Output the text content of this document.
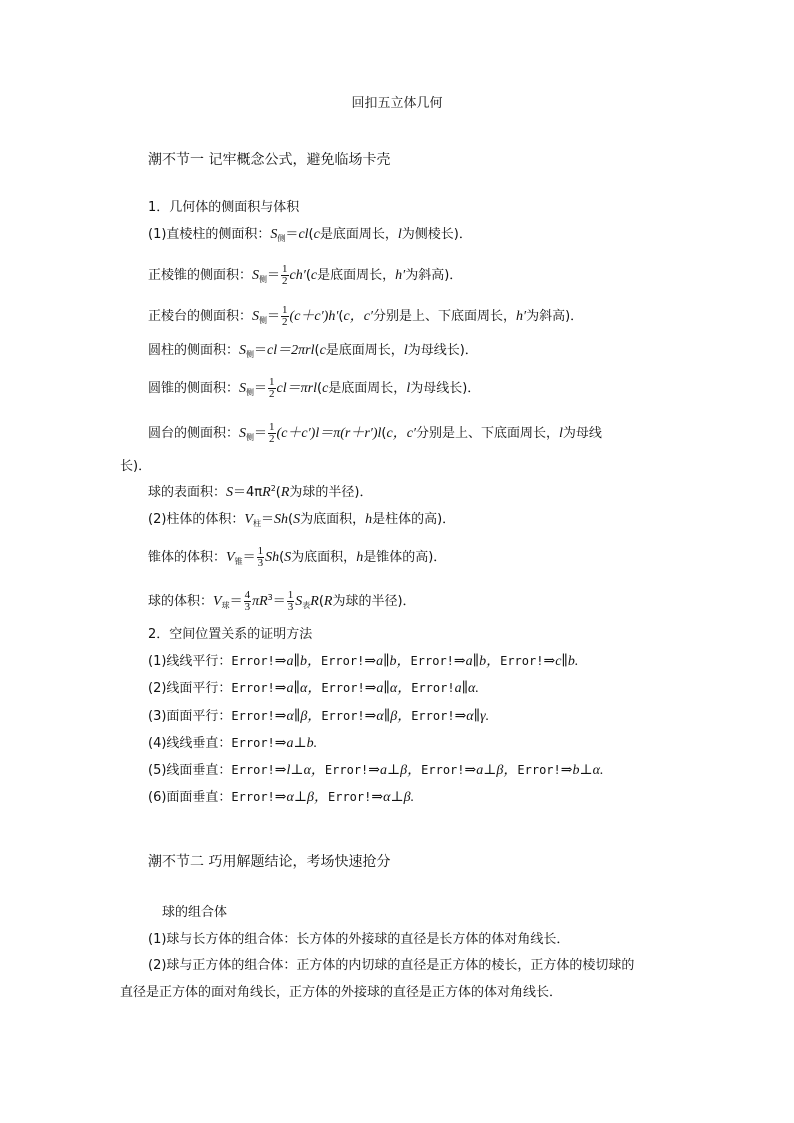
回扣五立体几何
潮不节一 记牢概念公式，避免临场卡壳
1．几何体的侧面积与体积
(1)直棱柱的侧面积：$S_侧=cl(c$是底面周长，l为侧棱长)．
正棱锥的侧面积：$S_侧= \frac{1}{2} ch'(c$是底面周长，h′为斜高)．
正棱台的侧面积：$S_侧= \frac{1}{2} (c+c')h'(c$，c′分别是上、下底面周长，h′为斜高)．
圆柱的侧面积：$S_侧=cl=2\pi rl(c$是底面周长，l为母线长)．
圆锥的侧面积：$S_侧= \frac{1}{2} cl=\pi rl(c$是底面周长，l为母线长)．
圆台的侧面积：$S_侧= \frac{1}{2} (c+c')l=\pi(r+r')l(c$，c′分别是上、下底面周长，l为母线
长)．
球的表面积：$S=4\pi R^2(R$为球的半径)．
(2)柱体的体积：$V_柱=Sh(S$为底面积，h是柱体的高)．
锥体的体积：$V_锥= \frac{1}{3} Sh(S$为底面积，h是锥体的高)．
球的体积：$V_球= \frac{4}{3} \pi R^3= \frac{1}{3} S_表R(R$为球的半径)．
2．空间位置关系的证明方法
(1)线线平行：Error!⇒a∥b，Error!⇒a∥b，Error!⇒a∥b，Error!⇒c∥b.
(2)线面平行：Error!⇒a∥α，Error!⇒a∥α，Error!a∥α.
(3)面面平行：Error!⇒α∥β，Error!⇒α∥β，Error!⇒α∥γ.
(4)线线垂直：Error!⇒a⊥b.
(5)线面垂直：Error!⇒l⊥α，Error!⇒a⊥β，Error!⇒a⊥β，Error!⇒b⊥α.
(6)面面垂直：Error!⇒α⊥β，Error!⇒α⊥β.
潮不节二 巧用解题结论，考场快速抢分
球的组合体
(1)球与长方体的组合体：长方体的外接球的直径是长方体的体对角线长．
(2)球与正方体的组合体：正方体的内切球的直径是正方体的棱长，正方体的棱切球的
直径是正方体的面对角线长，正方体的外接球的直径是正方体的体对角线长．
